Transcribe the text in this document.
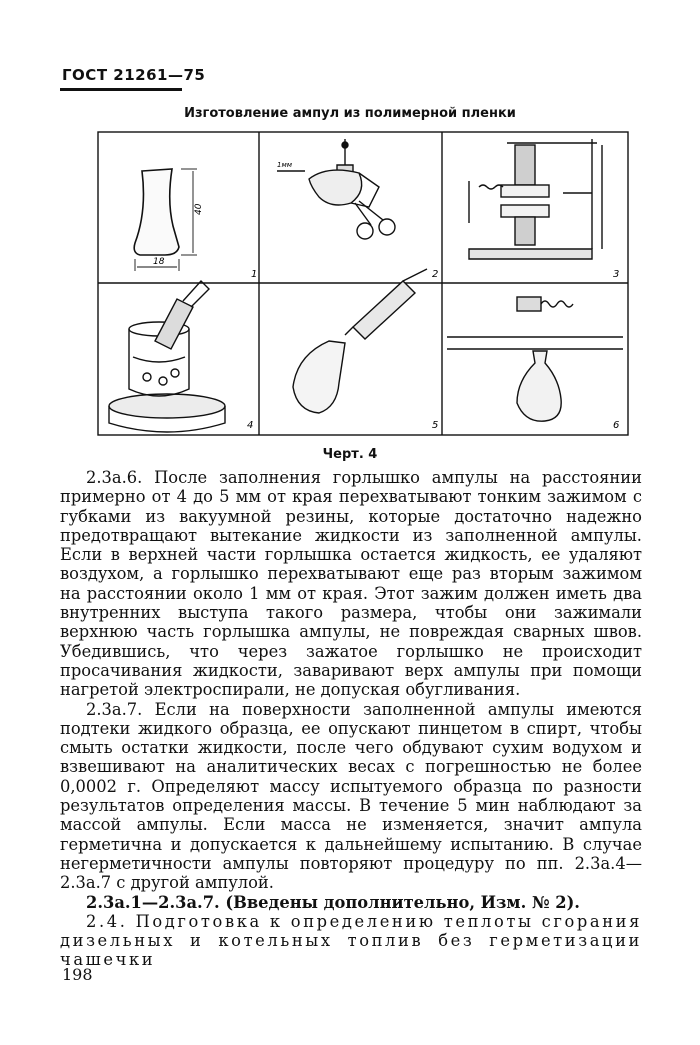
ГОСТ 21261—75
Изготовление ампул из полимерной пленки
40
18
1
1мм
2	3
4	5	6
Черт. 4

2.3а.6. После заполнения горлышко ампулы на расстоянии примерно от 4 до 5 мм от края перехватывают тонким зажимом с губками из вакуумной резины, которые достаточно надежно предотвращают вытекание жидкости из заполненной ампулы. Если в верхней части горлышка остается жидкость, ее удаляют воздухом, а горлышко перехватывают еще раз вторым зажимом на расстоянии около 1 мм от края. Этот зажим должен иметь два внутренних выступа такого размера, чтобы они зажимали верхнюю часть горлышка ампулы, не повреждая сварных швов. Убедившись, что через зажатое горлышко не происходит просачивания жидкости, заваривают верх ампулы при помощи нагретой электроспирали, не допуская обугливания.

2.3а.7. Если на поверхности заполненной ампулы имеются подтеки жидкого образца, ее опускают пинцетом в спирт, чтобы смыть остатки жидкости, после чего обдувают сухим водухом и взвешивают на аналитических весах с погрешностью не более 0,0002 г. Определяют массу испытуемого образца по разности результатов определения массы. В течение 5 мин наблюдают за массой ампулы. Если масса не изменяется, значит ампула герметична и допускается к дальнейшему испытанию. В случае негерметичности ампулы повторяют процедуру по пп. 2.3а.4—2.3а.7 с другой ампулой.

2.3а.1—2.3а.7. (Введены дополнительно, Изм. № 2).

2.4. Подготовка к определению теплоты сгорания дизельных и котельных топлив без герметизации чашечки

198
